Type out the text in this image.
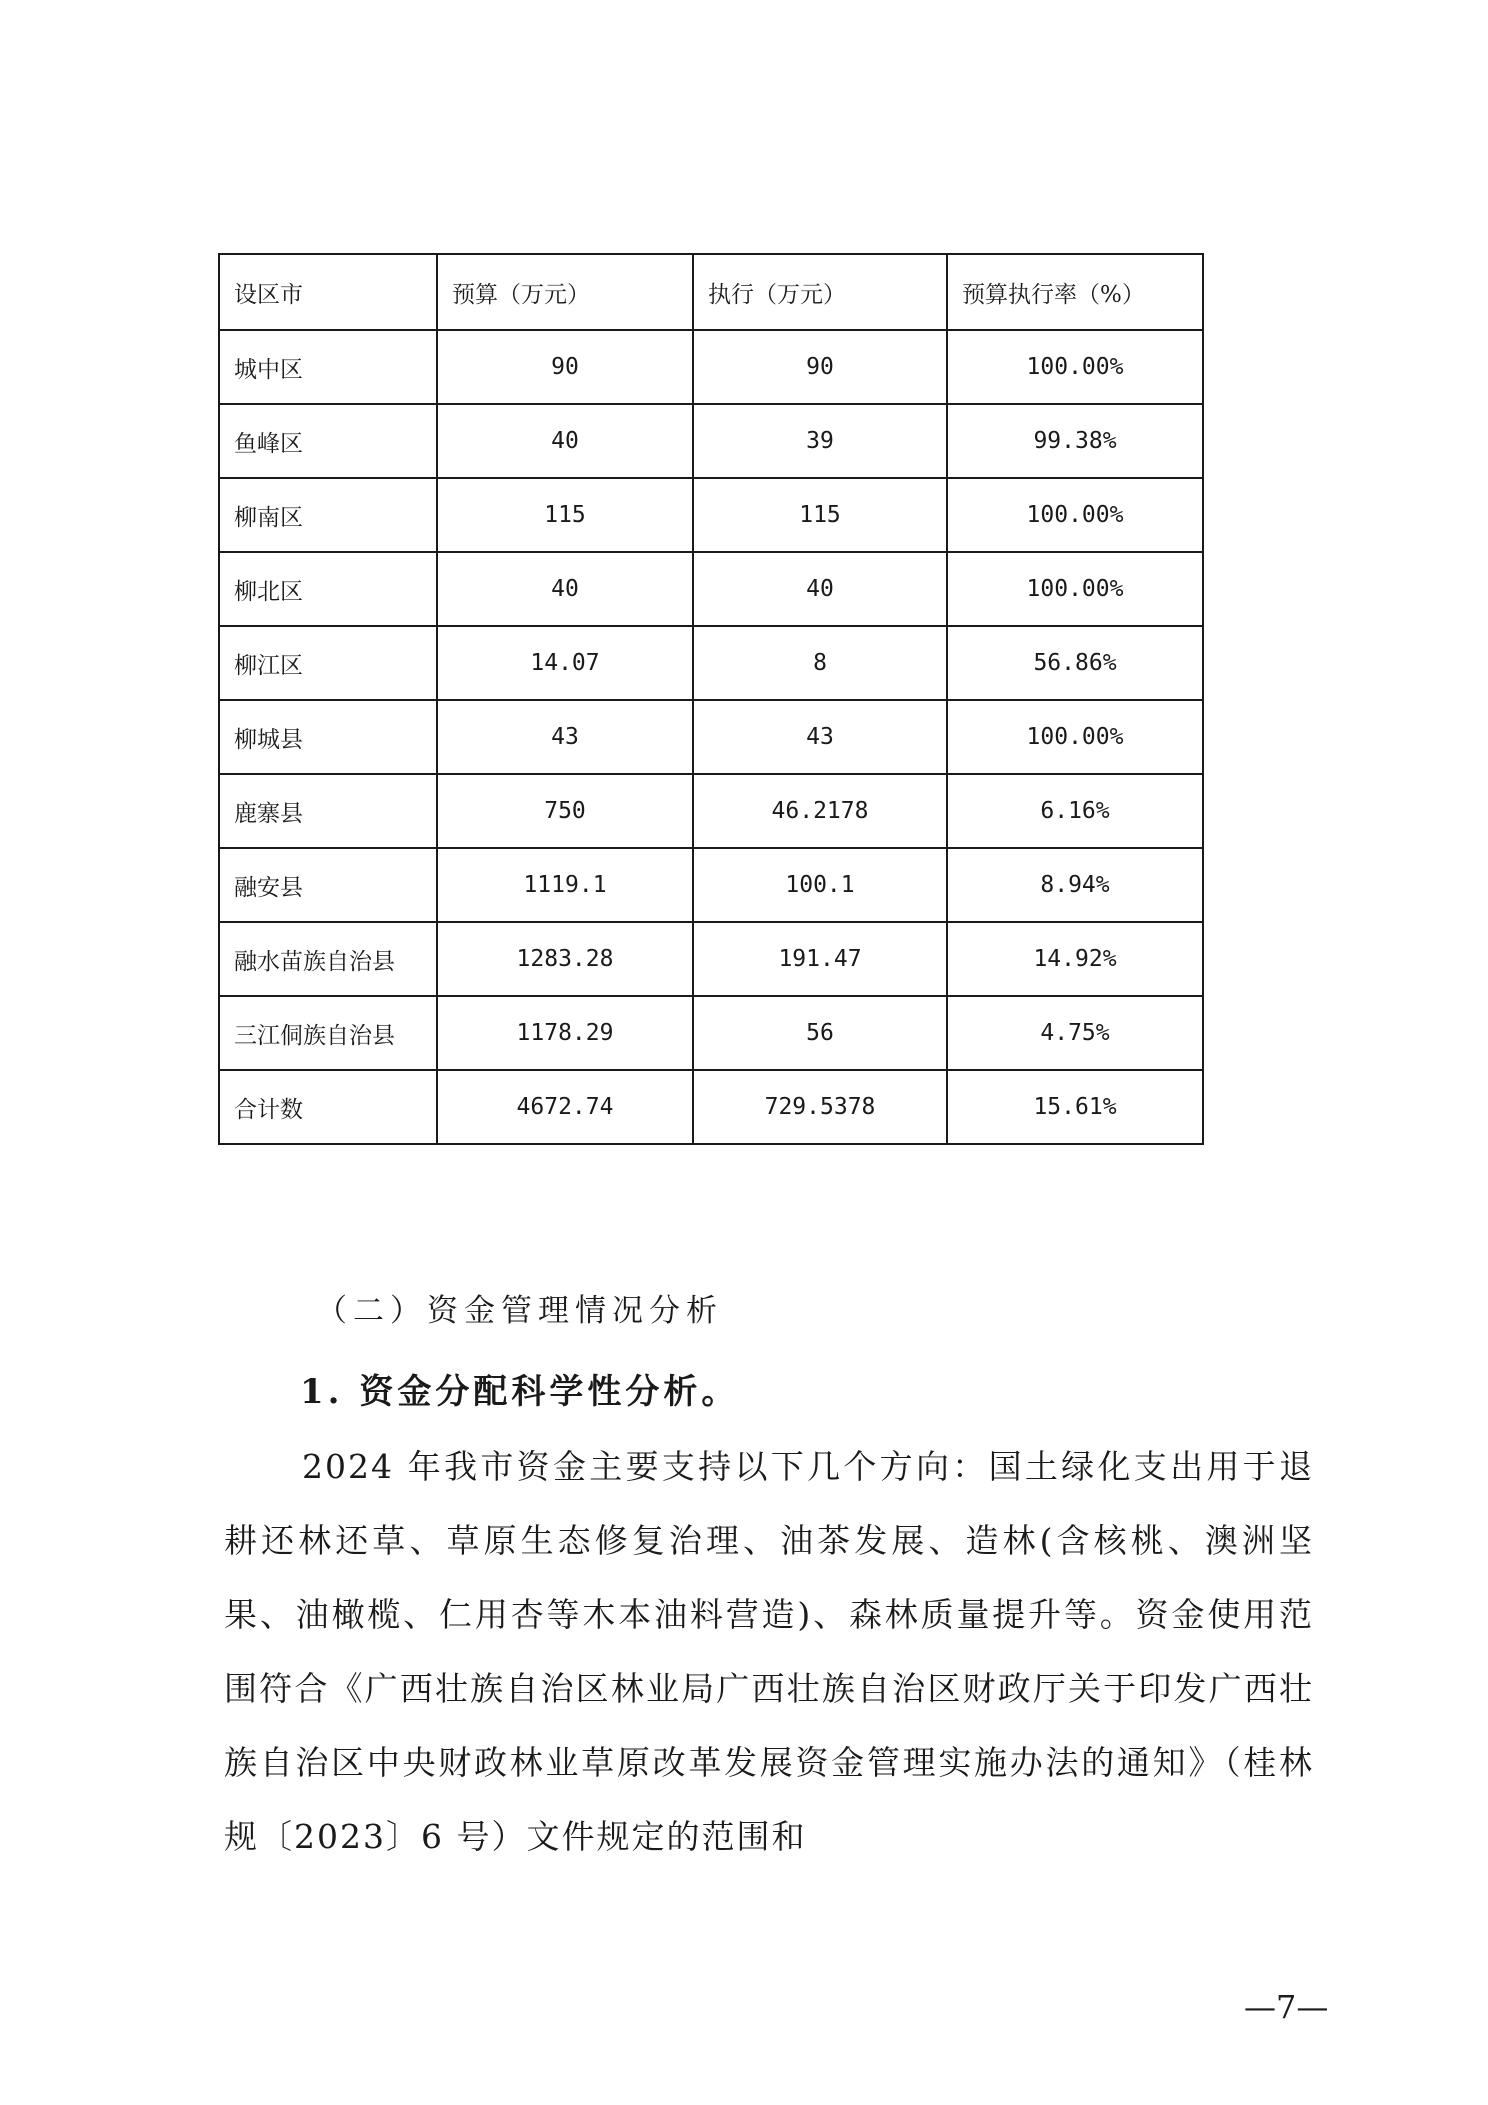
设区市	预算（万元）	执行（万元）	预算执行率（%）
城中区	90	90	100.00%
鱼峰区	40	39	99.38%
柳南区	115	115	100.00%
柳北区	40	40	100.00%
柳江区	14.07	8	56.86%
柳城县	43	43	100.00%
鹿寨县	750	46.2178	6.16%
融安县	1119.1	100.1	8.94%
融水苗族自治县	1283.28	191.47	14.92%
三江侗族自治县	1178.29	56	4.75%
合计数	4672.74	729.5378	15.61%
（二）资金管理情况分析
1. 资金分配科学性分析。

2024 年我市资金主要支持以下几个方向：国土绿化支出用于退耕还林还草、草原生态修复治理、油茶发展、造林(含核桃、澳洲坚果、油橄榄、仁用杏等木本油料营造)、森林质量提升等。资金使用范围符合《广西壮族自治区林业局广西壮族自治区财政厅关于印发广西壮族自治区中央财政林业草原改革发展资金管理实施办法的通知》（桂林规〔2023〕6 号）文件规定的范围和

—7—
